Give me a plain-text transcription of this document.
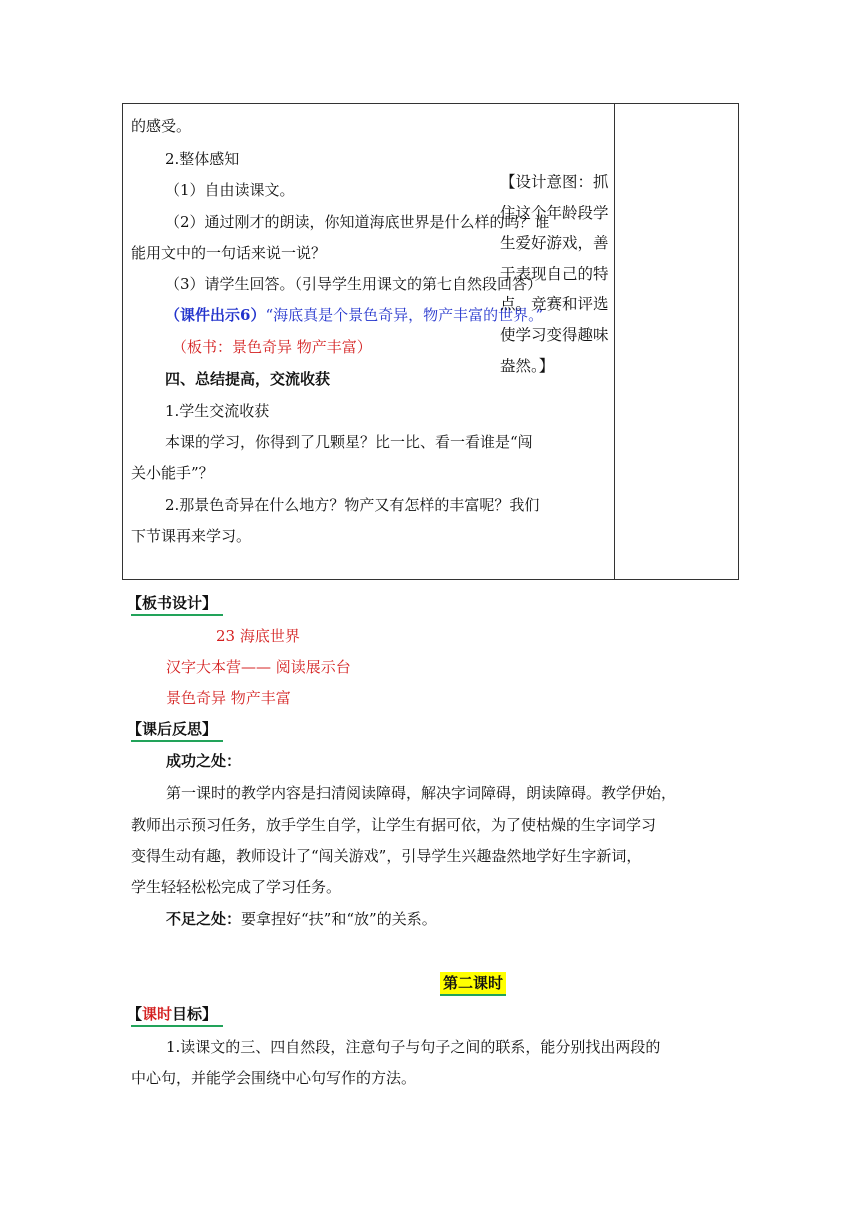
的感受。
2.整体感知
（1）自由读课文。
（2）通过刚才的朗读，你知道海底世界是什么样的吗？谁
能用文中的一句话来说一说？
（3）请学生回答。（引导学生用课文的第七自然段回答）
（课件出示6）“海底真是个景色奇异，物产丰富的世界。”
（板书：景色奇异 物产丰富）
四、总结提高，交流收获
1.学生交流收获
本课的学习，你得到了几颗星？比一比、看一看谁是“闯
关小能手”？
2.那景色奇异在什么地方？物产又有怎样的丰富呢？我们
下节课再来学习。
【设计意图：抓住这个年龄段学生爱好游戏，善于表现自己的特点。竞赛和评选使学习变得趣味盎然。】
【板书设计】
23 海底世界
汉字大本营—— 阅读展示台
景色奇异 物产丰富
【课后反思】
成功之处：
第一课时的教学内容是扫清阅读障碍，解决字词障碍，朗读障碍。教学伊始，
教师出示预习任务，放手学生自学，让学生有据可依，为了使枯燥的生字词学习
变得生动有趣，教师设计了“闯关游戏”，引导学生兴趣盎然地学好生字新词，
学生轻轻松松完成了学习任务。
不足之处：要拿捏好“扶”和“放”的关系。
第二课时
【课时目标】
1.读课文的三、四自然段，注意句子与句子之间的联系，能分别找出两段的
中心句，并能学会围绕中心句写作的方法。
